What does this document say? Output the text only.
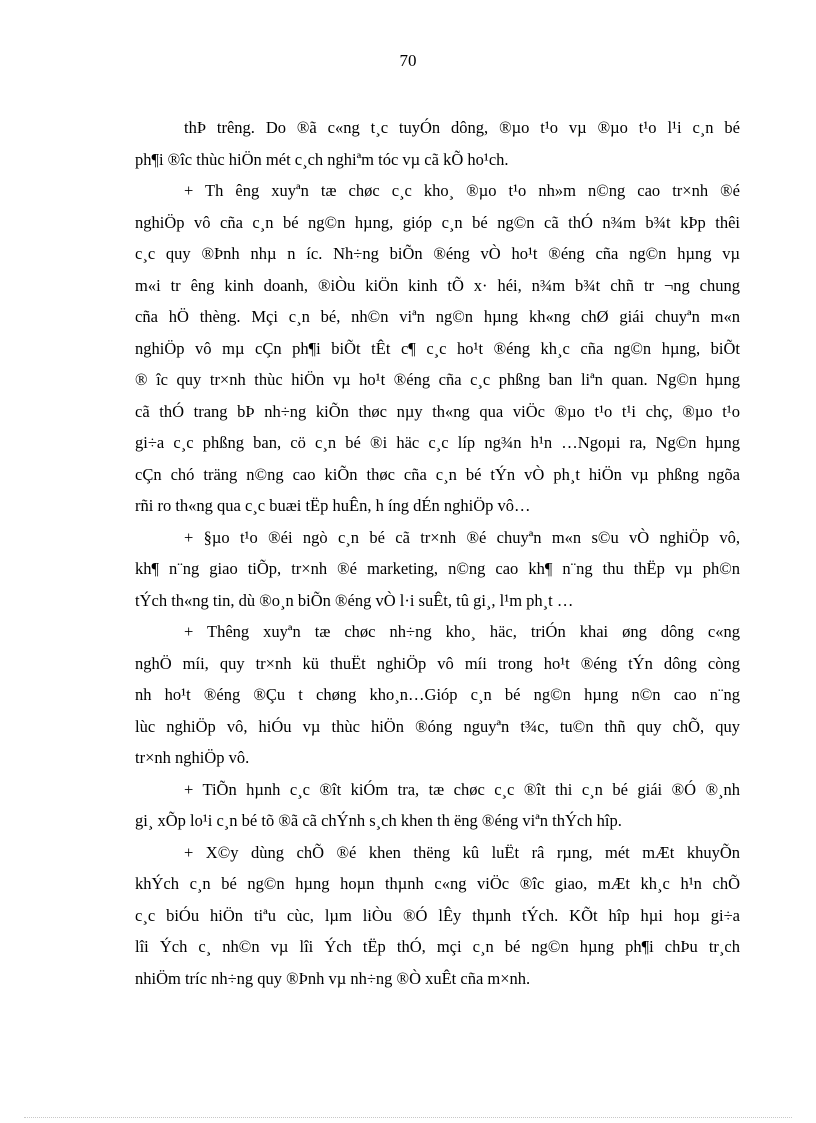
70
thÞ trêng. Do ®ã c«ng t¸c tuyÓn dông, ®µo t¹o vµ ®µo t¹o l¹i c¸n bé
ph¶i ®îc thùc hiÖn mét c¸ch nghiªm tóc vµ cã kÕ ho¹ch.
+ Th êng xuyªn tæ chøc c¸c kho¸ ®µo t¹o nh»m n©ng cao tr×nh ®é
nghiÖp vô cña c¸n bé ng©n hµng, gióp c¸n bé ng©n cã thÓ n¾m b¾t kÞp thêi
c¸c quy ®Þnh nhµ n íc. Nh÷ng biÕn ®éng vÒ ho¹t ®éng cña ng©n hµng vµ
m«i tr êng kinh doanh, ®iÒu kiÖn kinh tÕ x· héi, n¾m b¾t chñ tr ¬ng chung
cña hÖ thèng. Mçi c¸n bé, nh©n viªn ng©n hµng kh«ng chØ giái chuyªn m«n
nghiÖp vô mµ cÇn ph¶i biÕt tÊt c¶ c¸c ho¹t ®éng kh¸c cña ng©n hµng, biÕt
® îc quy tr×nh thùc hiÖn vµ ho¹t ®éng cña c¸c phßng ban liªn quan. Ng©n hµng
cã thÓ trang bÞ nh÷ng kiÕn thøc nµy th«ng qua viÖc ®µo t¹o t¹i chç, ®µo t¹o
gi÷a c¸c phßng ban, cö c¸n bé ®i häc c¸c líp ng¾n h¹n …Ngoµi ra, Ng©n hµng
cÇn chó träng n©ng cao kiÕn thøc cña c¸n bé tÝn vÒ ph¸t hiÖn vµ phßng ngõa
rñi ro th«ng qua c¸c buæi tËp huÊn, h íng dÉn nghiÖp vô…
+ §µo t¹o ®éi ngò c¸n bé cã tr×nh ®é chuyªn m«n s©u vÒ nghiÖp vô,
kh¶ n¨ng giao tiÕp, tr×nh ®é marketing, n©ng cao kh¶ n¨ng thu thËp vµ ph©n
tÝch th«ng tin, dù ®o¸n biÕn ®éng vÒ l·i suÊt, tû gi¸, l¹m ph¸t …
+ Thêng xuyªn tæ chøc nh÷ng kho¸ häc, triÓn khai øng dông c«ng
nghÖ míi, quy tr×nh kü thuËt nghiÖp vô míi trong ho¹t ®éng tÝn dông còng
nh ho¹t ®éng ®Çu t chøng kho¸n…Gióp c¸n bé ng©n hµng n©n cao n¨ng
lùc nghiÖp vô, hiÓu vµ thùc hiÖn ®óng nguyªn t¾c, tu©n thñ quy chÕ, quy
tr×nh nghiÖp vô.
+ TiÕn hµnh c¸c ®ît kiÓm tra, tæ chøc c¸c ®ît thi c¸n bé giái ®Ó ®¸nh
gi¸ xÕp lo¹i c¸n bé tõ ®ã cã chÝnh s¸ch khen th ëng ®éng viªn thÝch hîp.
+ X©y dùng chÕ ®é khen thëng kû luËt râ rµng, mét mÆt khuyÕn
khÝch c¸n bé ng©n hµng hoµn thµnh c«ng viÖc ®îc giao, mÆt kh¸c h¹n chÕ
c¸c biÓu hiÖn tiªu cùc, lµm liÒu ®Ó lÊy thµnh tÝch. KÕt hîp hµi hoµ gi÷a
lîi Ých c¸ nh©n vµ lîi Ých tËp thÓ, mçi c¸n bé ng©n hµng ph¶i chÞu tr¸ch
nhiÖm tríc nh÷ng quy ®Þnh vµ nh÷ng ®Ò xuÊt cña m×nh.
